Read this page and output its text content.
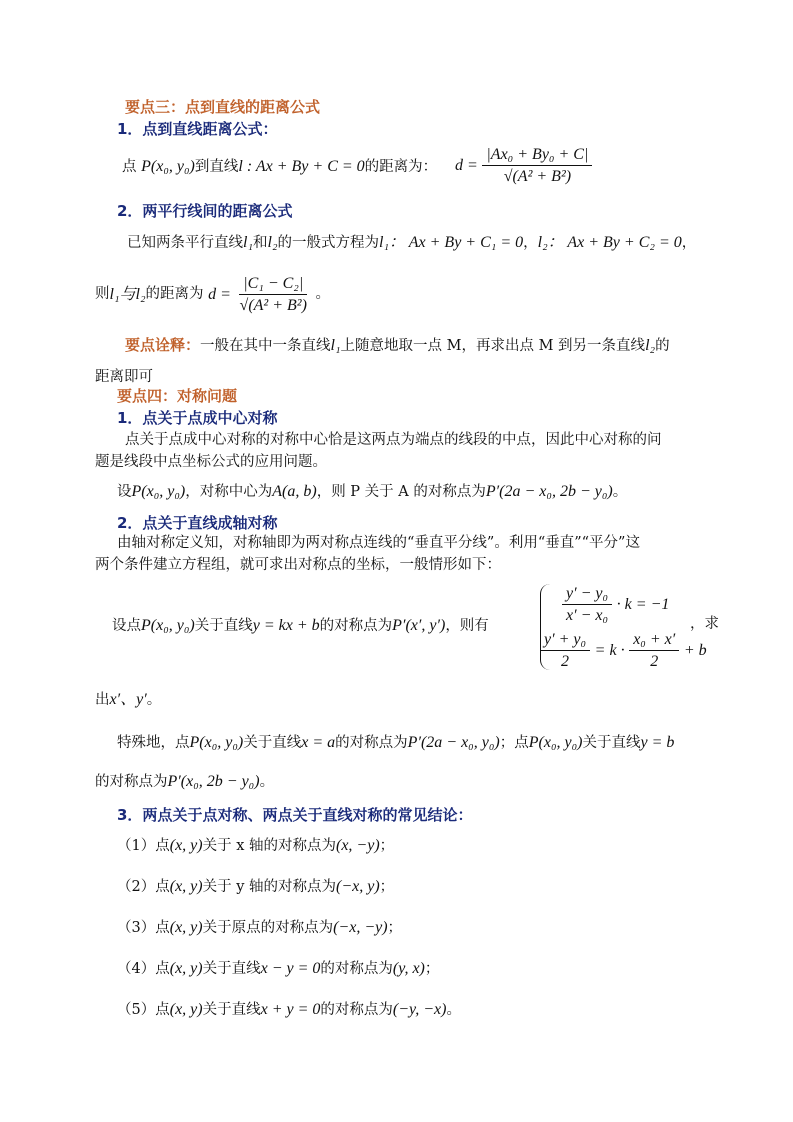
要点三：点到直线的距离公式
1．点到直线距离公式：
点 P(x₀, y₀)到直线l : Ax + By + C = 0的距离为： $d = \frac{\text{|Ax₀ + By₀ + C|}}{\text{√(A² + B²)}}$
2．两平行线间的距离公式
已知两条平行直线l₁和l₂的一般式方程为l₁： Ax + By + C₁ = 0，l₂： Ax + By + C₂ = 0，
则l₁与l₂的距离为 $d = \frac{\text{|C₁ − C₂|}}{\text{√(A² + B²)}}$ 。
要点诠释：一般在其中一条直线l₁上随意地取一点 M，再求出点 M 到另一条直线l₂的
距离即可
要点四：对称问题
1．点关于点成中心对称
点关于点成中心对称的对称中心恰是这两点为端点的线段的中点，因此中心对称的问
题是线段中点坐标公式的应用问题。
设P(x₀, y₀)，对称中心为A(a, b)，则 P 关于 A 的对称点为P′(2a − x₀, 2b − y₀)。
2．点关于直线成轴对称
由轴对称定义知，对称轴即为两对称点连线的“垂直平分线”。利用“垂直”“平分”这
两个条件建立方程组，就可求出对称点的坐标，一般情形如下：
设点P(x₀, y₀)关于直线y = kx + b的对称点为P′(x′, y′)，则有
$\frac{\text{y′ − y₀}}{\text{x′ − x₀}} \cdot k = -1$
$\frac{\text{y′ + y₀}}{2} = k \cdot \frac{\text{x₀ + x′}}{2} + b$
，求
出x′、y′。
特殊地，点P(x₀, y₀)关于直线x = a的对称点为P′(2a − x₀, y₀)；点P(x₀, y₀)关于直线y = b
的对称点为P′(x₀, 2b − y₀)。
3．两点关于点对称、两点关于直线对称的常见结论：
（1）点(x, y)关于 x 轴的对称点为(x, −y)；
（2）点(x, y)关于 y 轴的对称点为(−x, y)；
（3）点(x, y)关于原点的对称点为(−x, −y)；
（4）点(x, y)关于直线x − y = 0的对称点为(y, x)；
（5）点(x, y)关于直线x + y = 0的对称点为(−y, −x)。
